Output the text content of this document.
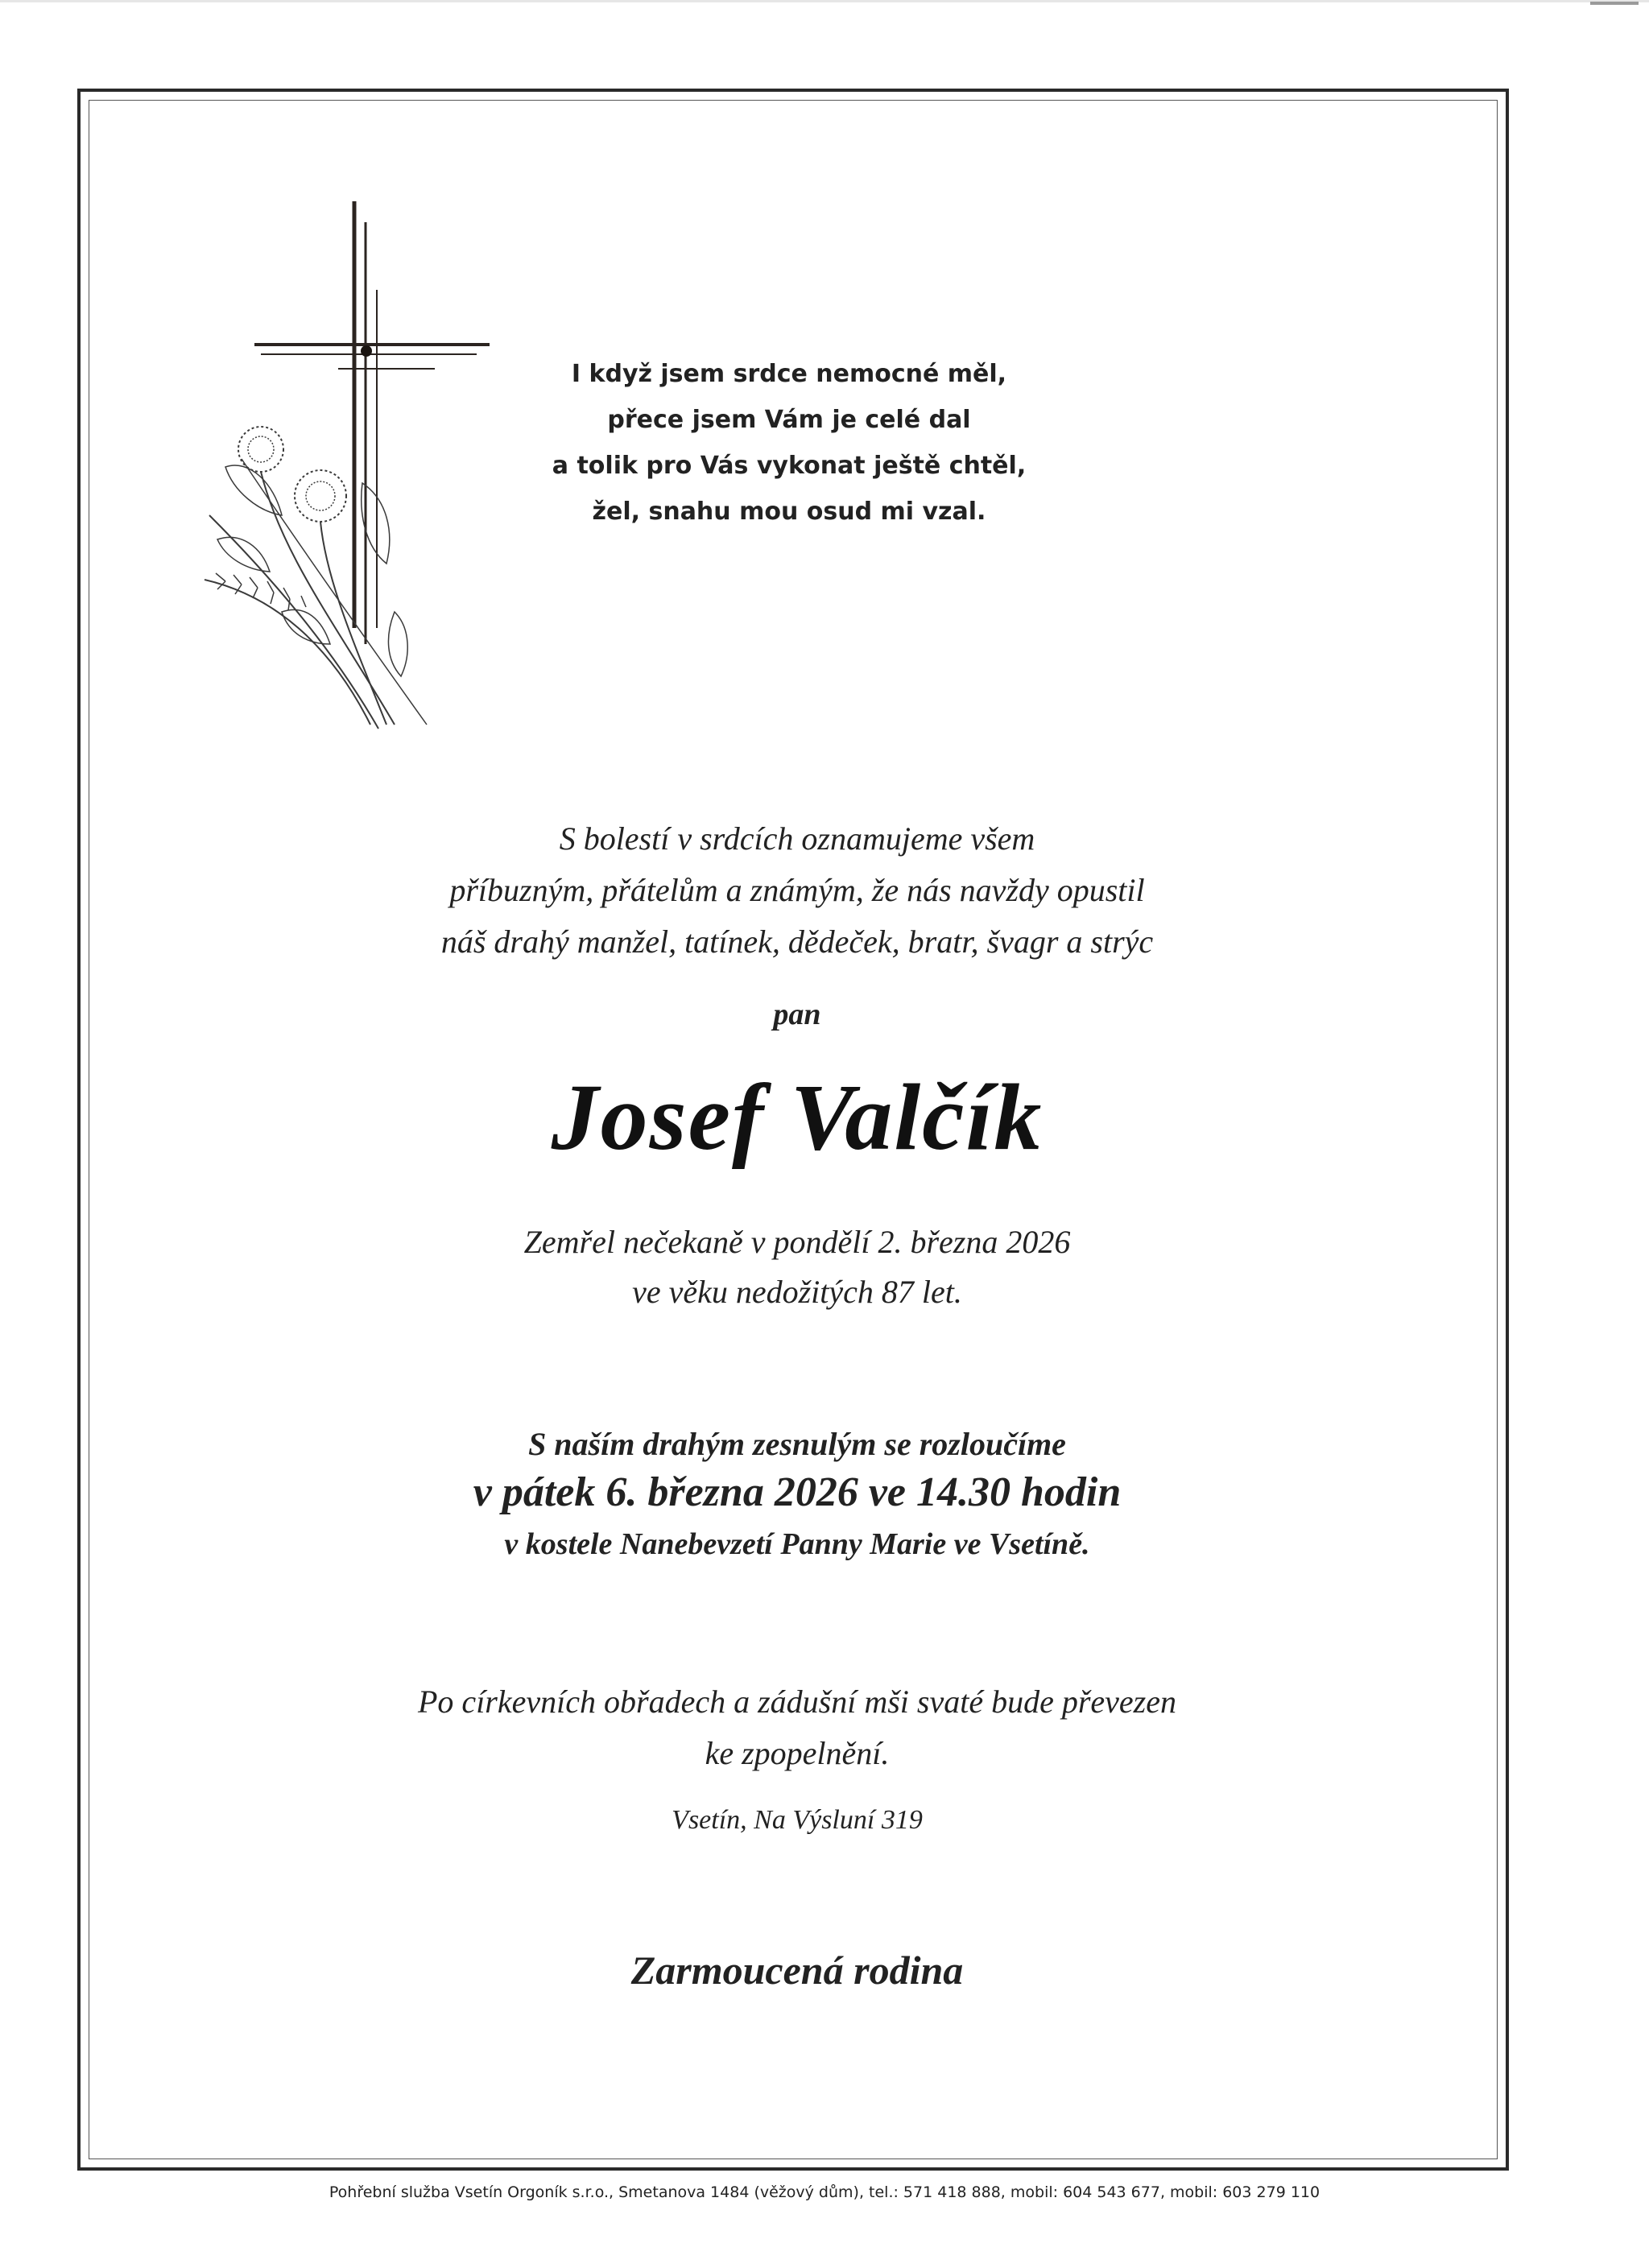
I když jsem srdce nemocné měl,
přece jsem Vám je celé dal
a tolik pro Vás vykonat ještě chtěl,
žel, snahu mou osud mi vzal.
S bolestí v srdcích oznamujeme všem
příbuzným, přátelům a známým, že nás navždy opustil
náš drahý manžel, tatínek, dědeček, bratr, švagr a strýc
pan
Josef Valčík
Zemřel nečekaně v pondělí 2. března 2026
ve věku nedožitých 87 let.
S naším drahým zesnulým se rozloučíme
v pátek 6. března 2026 ve 14.30 hodin
v kostele Nanebevzetí Panny Marie ve Vsetíně.
Po církevních obřadech a zádušní mši svaté bude převezen
ke zpopelnění.
Vsetín, Na Výsluní 319
Zarmoucená rodina
Pohřební služba Vsetín Orgoník s.r.o., Smetanova 1484 (věžový dům), tel.: 571 418 888, mobil: 604 543 677, mobil: 603 279 110
